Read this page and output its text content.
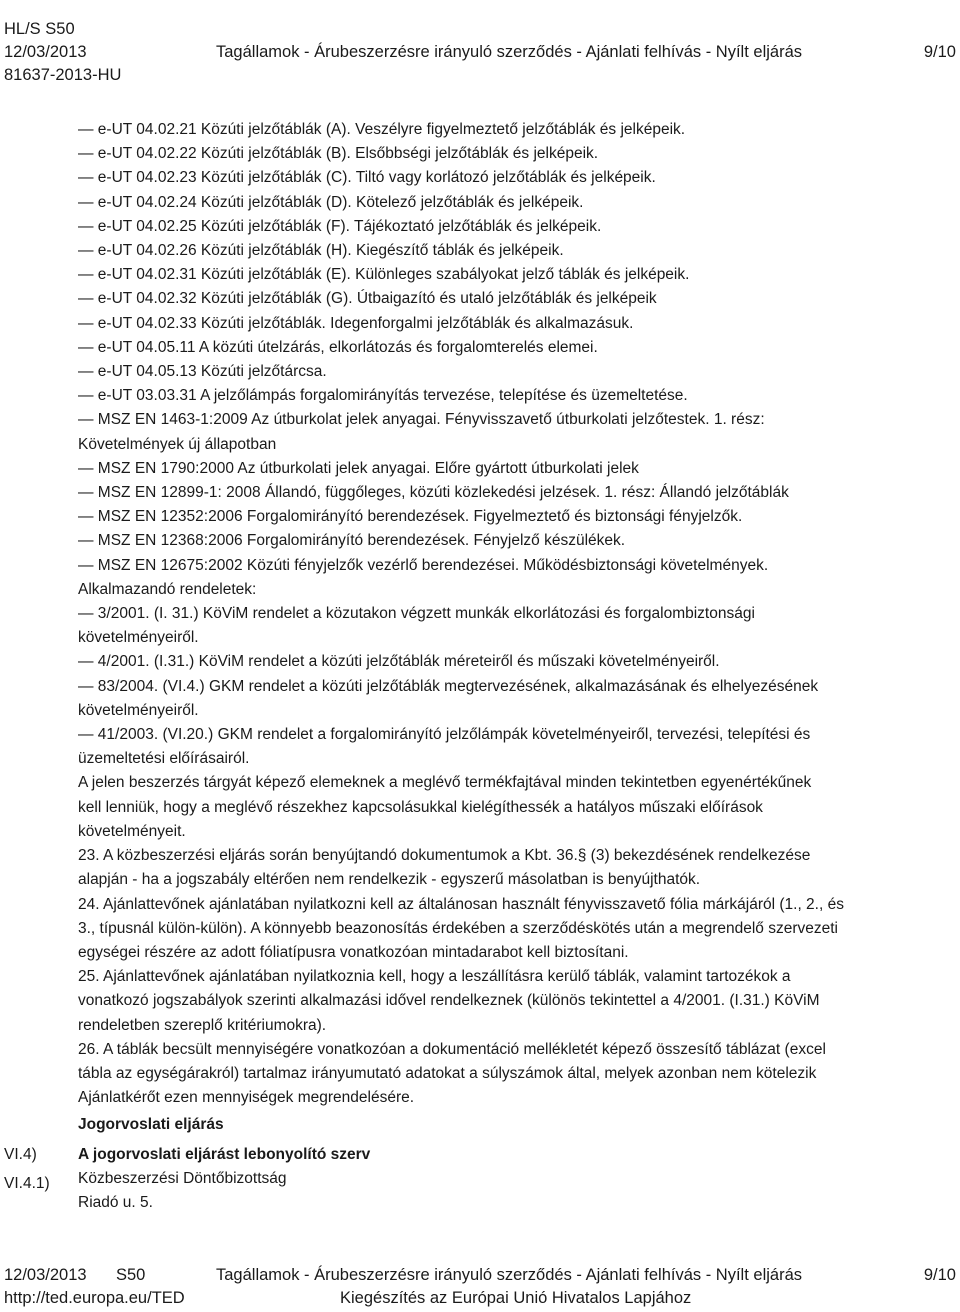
HL/S S50
12/03/2013	Tagállamok - Árubeszerzésre irányuló szerződés - Ajánlati felhívás - Nyílt eljárás	9/10
81637-2013-HU
— e-UT 04.02.21 Közúti jelzőtáblák (A). Veszélyre figyelmeztető jelzőtáblák és jelképeik.
— e-UT 04.02.22 Közúti jelzőtáblák (B). Elsőbbségi jelzőtáblák és jelképeik.
— e-UT 04.02.23 Közúti jelzőtáblák (C). Tiltó vagy korlátozó jelzőtáblák és jelképeik.
— e-UT 04.02.24 Közúti jelzőtáblák (D). Kötelező jelzőtáblák és jelképeik.
— e-UT 04.02.25 Közúti jelzőtáblák (F). Tájékoztató jelzőtáblák és jelképeik.
— e-UT 04.02.26 Közúti jelzőtáblák (H). Kiegészítő táblák és jelképeik.
— e-UT 04.02.31 Közúti jelzőtáblák (E). Különleges szabályokat jelző táblák és jelképeik.
— e-UT 04.02.32 Közúti jelzőtáblák (G). Útbaigazító és utaló jelzőtáblák és jelképeik
— e-UT 04.02.33 Közúti jelzőtáblák. Idegenforgalmi jelzőtáblák és alkalmazásuk.
— e-UT 04.05.11 A közúti útelzárás, elkorlátozás és forgalomterelés elemei.
— e-UT 04.05.13 Közúti jelzőtárcsa.
— e-UT 03.03.31 A jelzőlámpás forgalomirányítás tervezése, telepítése és üzemeltetése.
— MSZ EN 1463-1:2009 Az útburkolat jelek anyagai. Fényvisszavető útburkolati jelzőtestek. 1. rész:
Követelmények új állapotban
— MSZ EN 1790:2000 Az útburkolati jelek anyagai. Előre gyártott útburkolati jelek
— MSZ EN 12899-1: 2008 Állandó, függőleges, közúti közlekedési jelzések. 1. rész: Állandó jelzőtáblák
— MSZ EN 12352:2006 Forgalomirányító berendezések. Figyelmeztető és biztonsági fényjelzők.
— MSZ EN 12368:2006 Forgalomirányító berendezések. Fényjelző készülékek.
— MSZ EN 12675:2002 Közúti fényjelzők vezérlő berendezései. Működésbiztonsági követelmények.
Alkalmazandó rendeletek:
— 3/2001. (I. 31.) KöViM rendelet a közutakon végzett munkák elkorlátozási és forgalombiztonsági
követelményeiről.
— 4/2001. (I.31.) KöViM rendelet a közúti jelzőtáblák méreteiről és műszaki követelményeiről.
— 83/2004. (VI.4.) GKM rendelet a közúti jelzőtáblák megtervezésének, alkalmazásának és elhelyezésének
követelményeiről.
— 41/2003. (VI.20.) GKM rendelet a forgalomirányító jelzőlámpák követelményeiről, tervezési, telepítési és
üzemeltetési előírásairól.
A jelen beszerzés tárgyát képező elemeknek a meglévő termékfajtával minden tekintetben egyenértékűnek
kell lenniük, hogy a meglévő részekhez kapcsolásukkal kielégíthessék a hatályos műszaki előírások
követelményeit.
23. A közbeszerzési eljárás során benyújtandó dokumentumok a Kbt. 36.§ (3) bekezdésének rendelkezése
alapján - ha a jogszabály eltérően nem rendelkezik - egyszerű másolatban is benyújthatók.
24. Ajánlattevőnek ajánlatában nyilatkozni kell az általánosan használt fényvisszavető fólia márkájáról (1., 2., és
3., típusnál külön-külön). A könnyebb beazonosítás érdekében a szerződéskötés után a megrendelő szervezeti
egységei részére az adott fóliatípusra vonatkozóan mintadarabot kell biztosítani.
25. Ajánlattevőnek ajánlatában nyilatkoznia kell, hogy a leszállításra kerülő táblák, valamint tartozékok a
vonatkozó jogszabályok szerinti alkalmazási idővel rendelkeznek (különös tekintettel a 4/2001. (I.31.) KöViM
rendeletben szereplő kritériumokra).
26. A táblák becsült mennyiségére vonatkozóan a dokumentáció mellékletét képező összesítő táblázat (excel
tábla az egységárakról) tartalmaz irányumutató adatokat a súlyszámok által, melyek azonban nem kötelezik
Ajánlatkérőt ezen mennyiségek megrendelésére.
Jogorvoslati eljárás
A jogorvoslati eljárást lebonyolító szerv
Közbeszerzési Döntőbizottság
Riadó u. 5.
VI.4)
VI.4.1)
12/03/2013 S50	Tagállamok - Árubeszerzésre irányuló szerződés - Ajánlati felhívás - Nyílt eljárás	9/10
http://ted.europa.eu/TED	Kiegészítés az Európai Unió Hivatalos Lapjához
